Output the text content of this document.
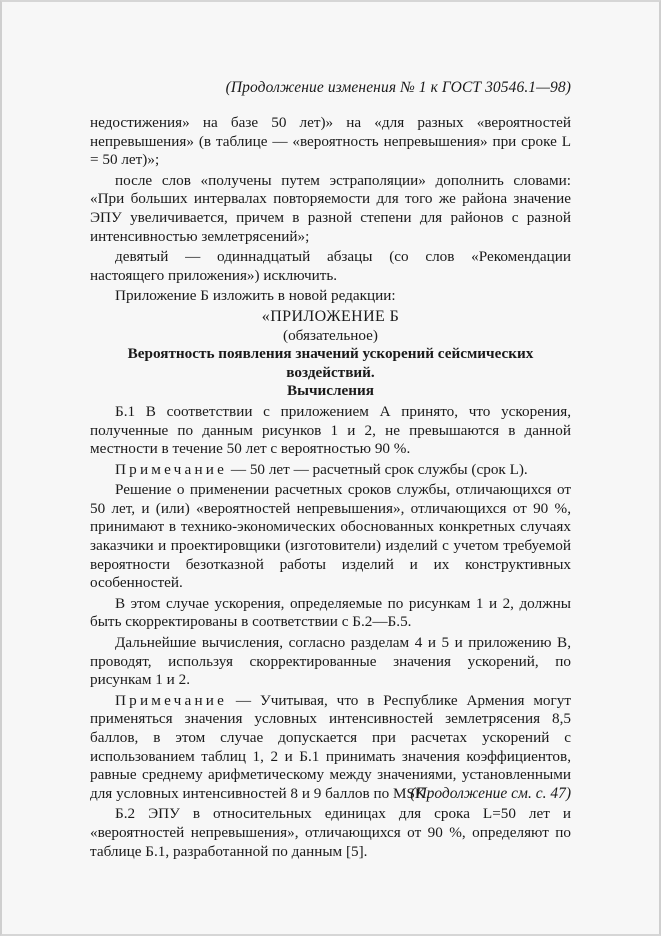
(Продолжение изменения № 1 к ГОСТ 30546.1—98)

недостижения» на базе 50 лет)» на «для разных «вероятностей непревышения» (в таблице — «вероятность непревышения» при сроке L = 50 лет)»;

после слов «получены путем эстраполяции» дополнить словами: «При больших интервалах повторяемости для того же района значение ЭПУ увеличивается, причем в разной степени для районов с разной интенсивностью землетрясений»;

девятый — одиннадцатый абзацы (со слов «Рекомендации настоящего приложения») исключить.

Приложение Б изложить в новой редакции:

«ПРИЛОЖЕНИЕ Б

(обязательное)

Вероятность появления значений ускорений сейсмических воздействий.

Вычисления

Б.1 В соответствии с приложением А принято, что ускорения, полученные по данным рисунков 1 и 2, не превышаются в данной местности в течение 50 лет с вероятностью 90 %.

Примечание — 50 лет — расчетный срок службы (срок L).

Решение о применении расчетных сроков службы, отличающихся от 50 лет, и (или) «вероятностей непревышения», отличающихся от 90 %, принимают в технико-экономических обоснованных конкретных случаях заказчики и проектировщики (изготовители) изделий с учетом требуемой вероятности безотказной работы изделий и их конструктивных особенностей.

В этом случае ускорения, определяемые по рисункам 1 и 2, должны быть скорректированы в соответствии с Б.2—Б.5.

Дальнейшие вычисления, согласно разделам 4 и 5 и приложению В, проводят, используя скорректированные значения ускорений, по рисункам 1 и 2.

Примечание — Учитывая, что в Республике Армения могут применяться значения условных интенсивностей землетрясения 8,5 баллов, в этом случае допускается при расчетах ускорений с использованием таблиц 1, 2 и Б.1 принимать значения коэффициентов, равные среднему арифметическому между значениями, установленными для условных интенсивностей 8 и 9 баллов по MSK.

Б.2 ЭПУ в относительных единицах для срока L=50 лет и «вероятностей непревышения», отличающихся от 90 %, определяют по таблице Б.1, разработанной по данным [5].

(Продолжение см. с. 47)
